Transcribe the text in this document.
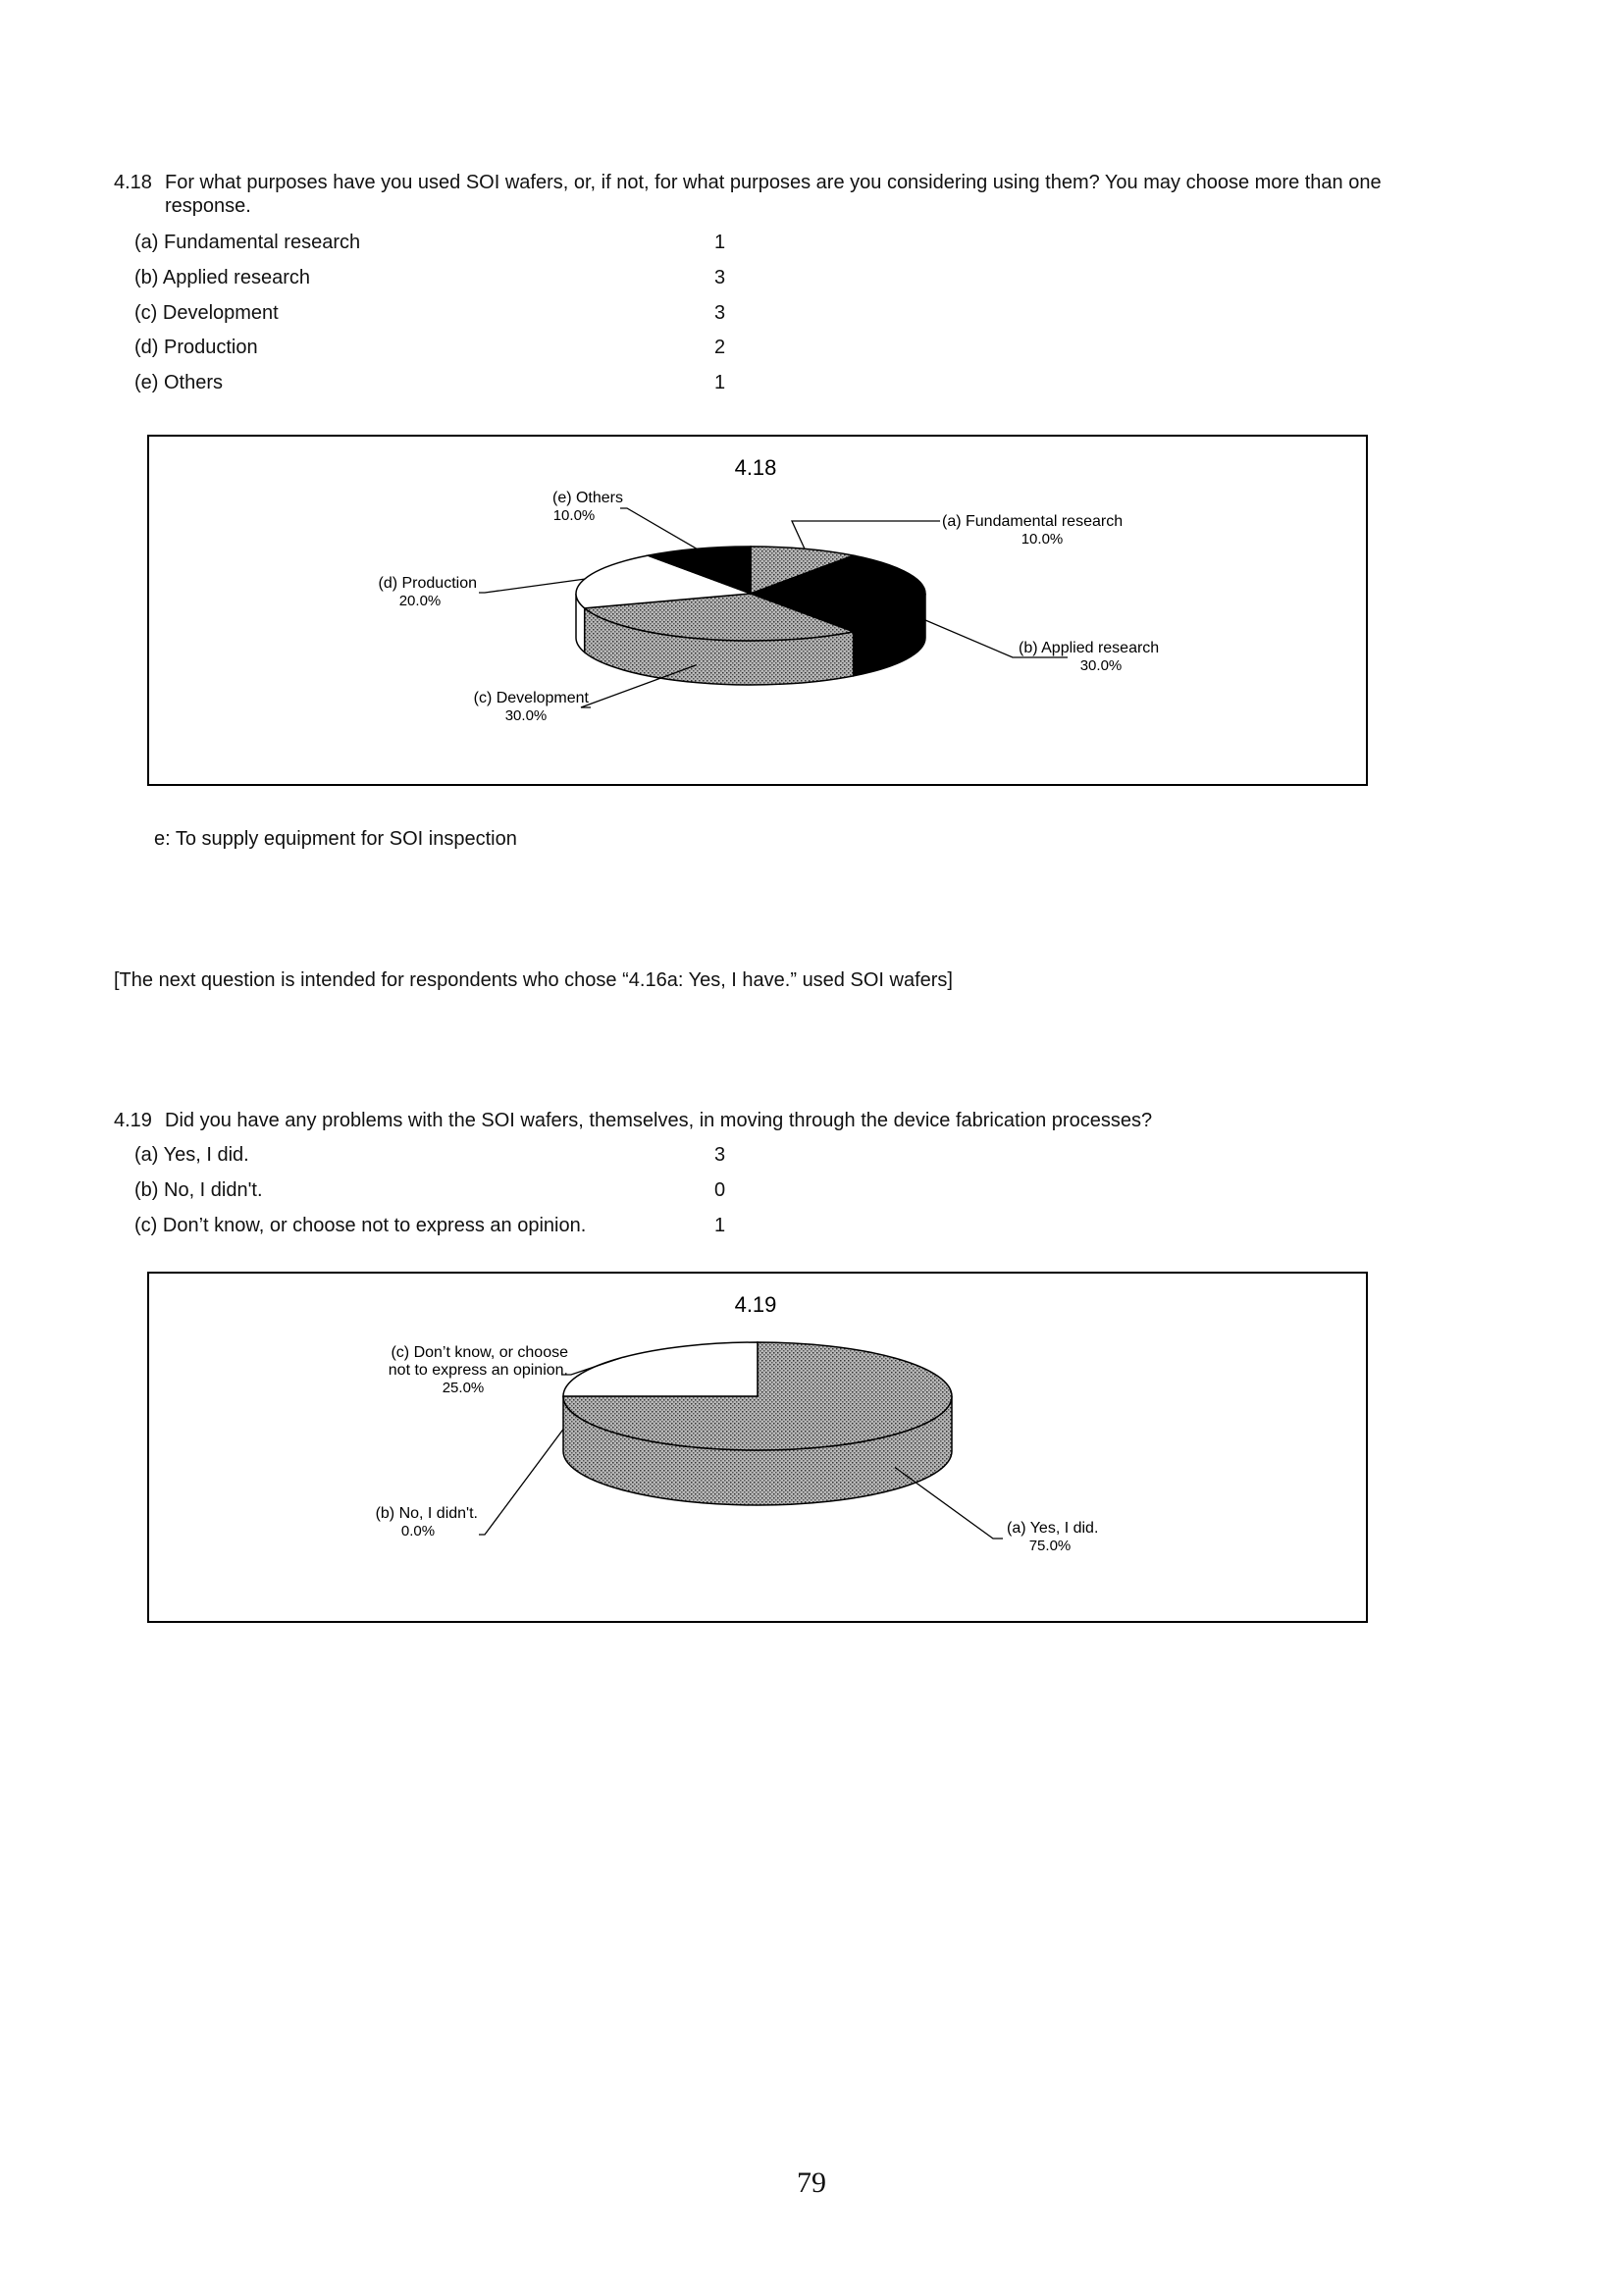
4.18 For what purposes have you used SOI wafers, or, if not, for what purposes are you considering using them? You may choose more than one response.
(a) Fundamental research	1
(b) Applied research	3
(c) Development	3
(d) Production	2
(e) Others	1
4.18
(a) Fundamental research
10.0%
(b) Applied research
30.0%
(c) Development
30.0%
(d) Production
20.0%
(e) Others
10.0%
e: To supply equipment for SOI inspection
[The next question is intended for respondents who chose “4.16a: Yes, I have.” used SOI wafers]
4.19 Did you have any problems with the SOI wafers, themselves, in moving through the device fabrication processes?
(a) Yes, I did.	3
(b) No, I didn't.	0
(c) Don’t know, or choose not to express an opinion.	1
4.19
(a) Yes, I did.
75.0%
(b) No, I didn't.
0.0%
(c) Don’t know, or choose
not to express an opinion.
25.0%
79
